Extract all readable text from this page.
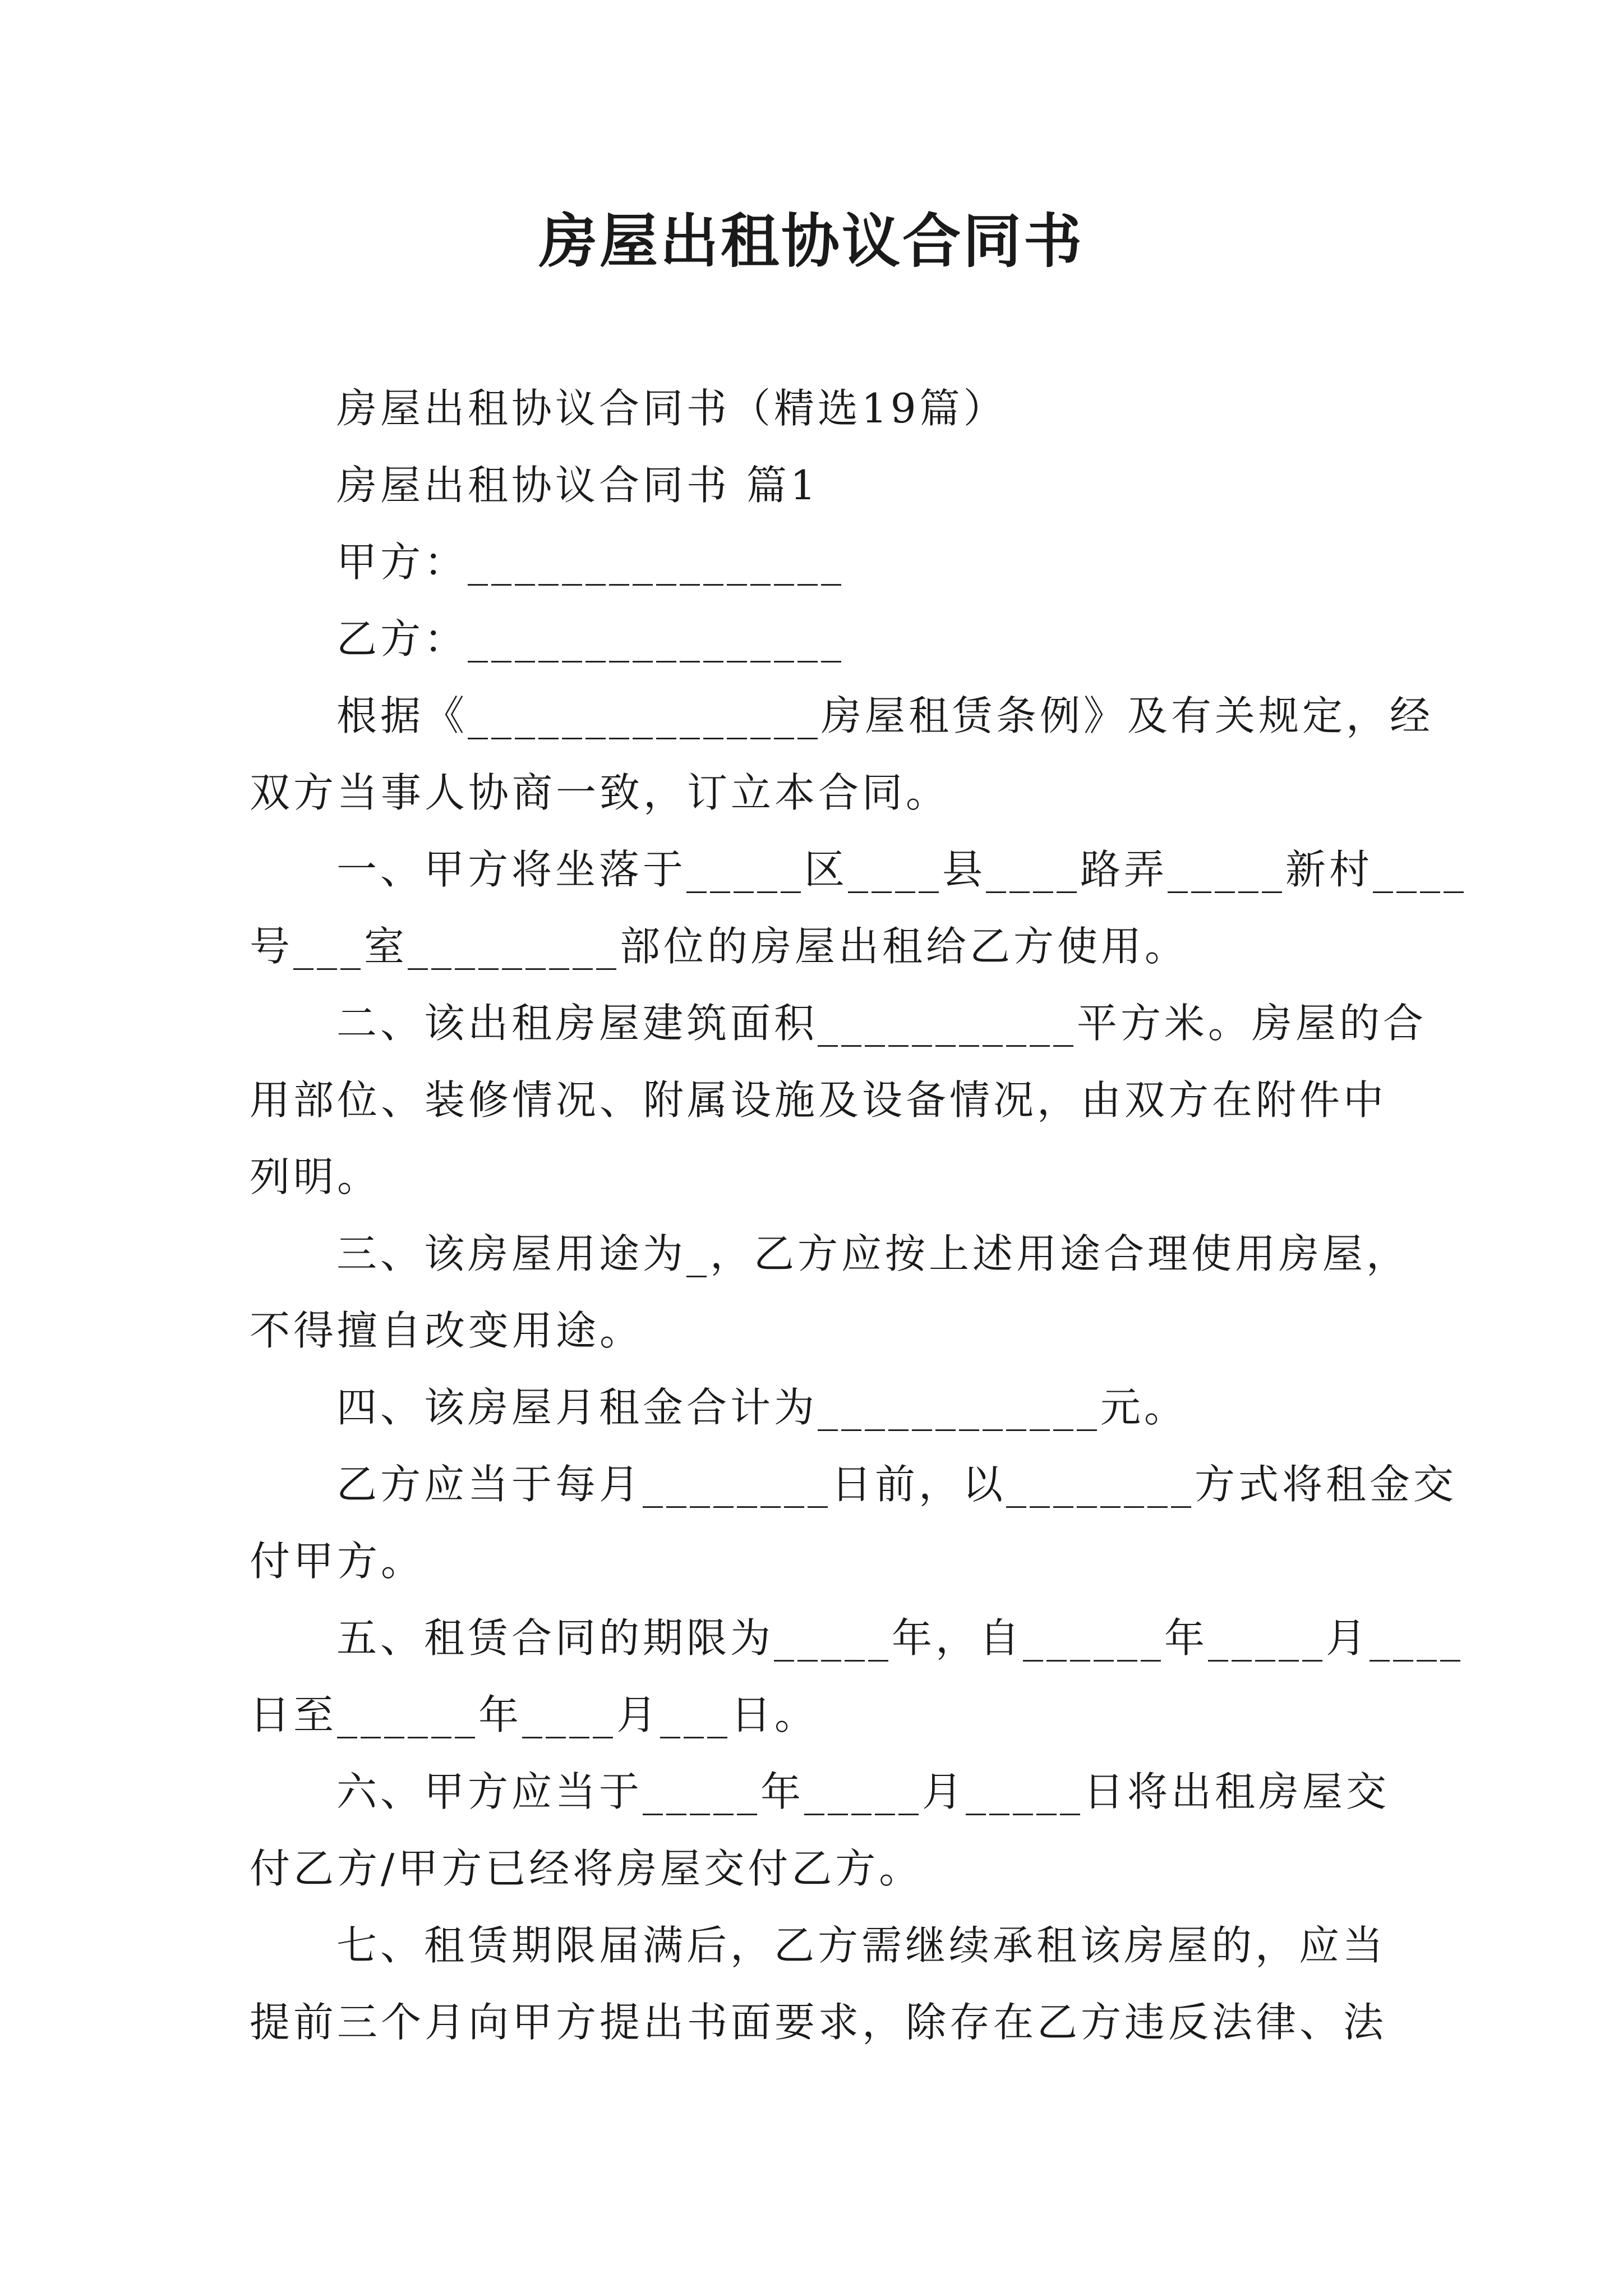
房屋出租协议合同书

房屋出租协议合同书（精选19篇）

房屋出租协议合同书 篇1

甲方：________________

乙方：________________

根据《_______________房屋租赁条例》及有关规定，经

双方当事人协商一致，订立本合同。

一、甲方将坐落于_____区____县____路弄_____新村____

号___室_________部位的房屋出租给乙方使用。

二、该出租房屋建筑面积___________平方米。房屋的合

用部位、装修情况、附属设施及设备情况，由双方在附件中

列明。

三、该房屋用途为_，乙方应按上述用途合理使用房屋，

不得擅自改变用途。

四、该房屋月租金合计为____________元。

乙方应当于每月________日前，以________方式将租金交

付甲方。

五、租赁合同的期限为_____年，自______年_____月____

日至______年____月___日。

六、甲方应当于_____年_____月_____日将出租房屋交

付乙方/甲方已经将房屋交付乙方。

七、租赁期限届满后，乙方需继续承租该房屋的，应当

提前三个月向甲方提出书面要求，除存在乙方违反法律、法
